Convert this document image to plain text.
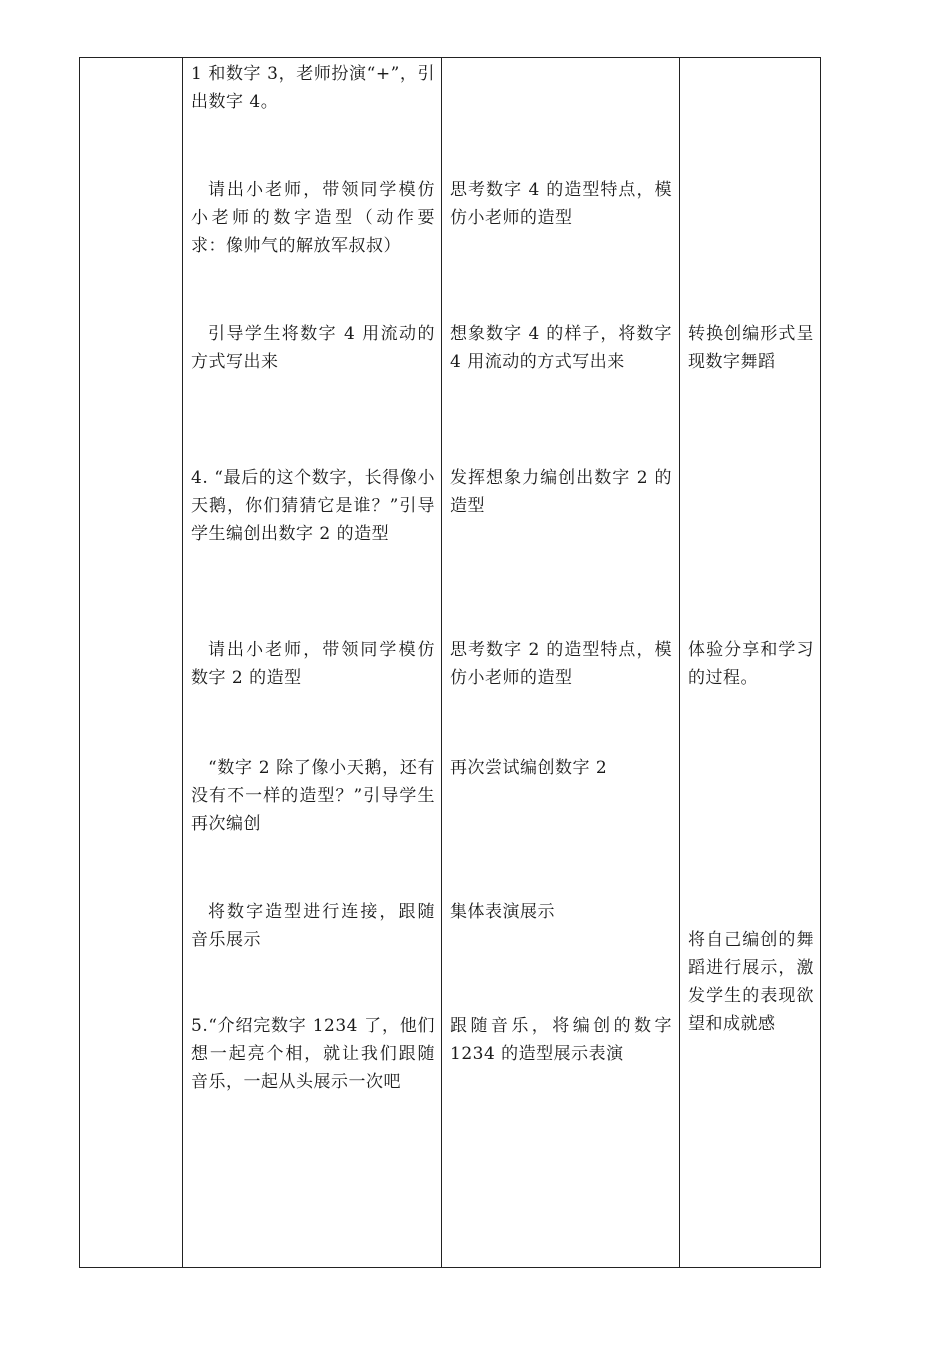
1 和数字 3，老师扮演“+”，引出数字 4。
请出小老师，带领同学模仿小老师的数字造型（动作要求：像帅气的解放军叔叔）
引导学生将数字 4 用流动的方式写出来
4. “最后的这个数字，长得像小天鹅，你们猜猜它是谁？”引导学生编创出数字 2 的造型
请出小老师，带领同学模仿数字 2 的造型
“数字 2 除了像小天鹅，还有没有不一样的造型？”引导学生再次编创
将数字造型进行连接，跟随音乐展示
5.“介绍完数字 1234 了，他们想一起亮个相，就让我们跟随音乐，一起从头展示一次吧
思考数字 4 的造型特点，模仿小老师的造型
想象数字 4 的样子，将数字 4 用流动的方式写出来
发挥想象力编创出数字 2 的造型
思考数字 2 的造型特点，模仿小老师的造型
再次尝试编创数字 2
集体表演展示
跟随音乐，将编创的数字 1234 的造型展示表演
转换创编形式呈现数字舞蹈
体验分享和学习的过程。
将自己编创的舞蹈进行展示，激发学生的表现欲望和成就感
